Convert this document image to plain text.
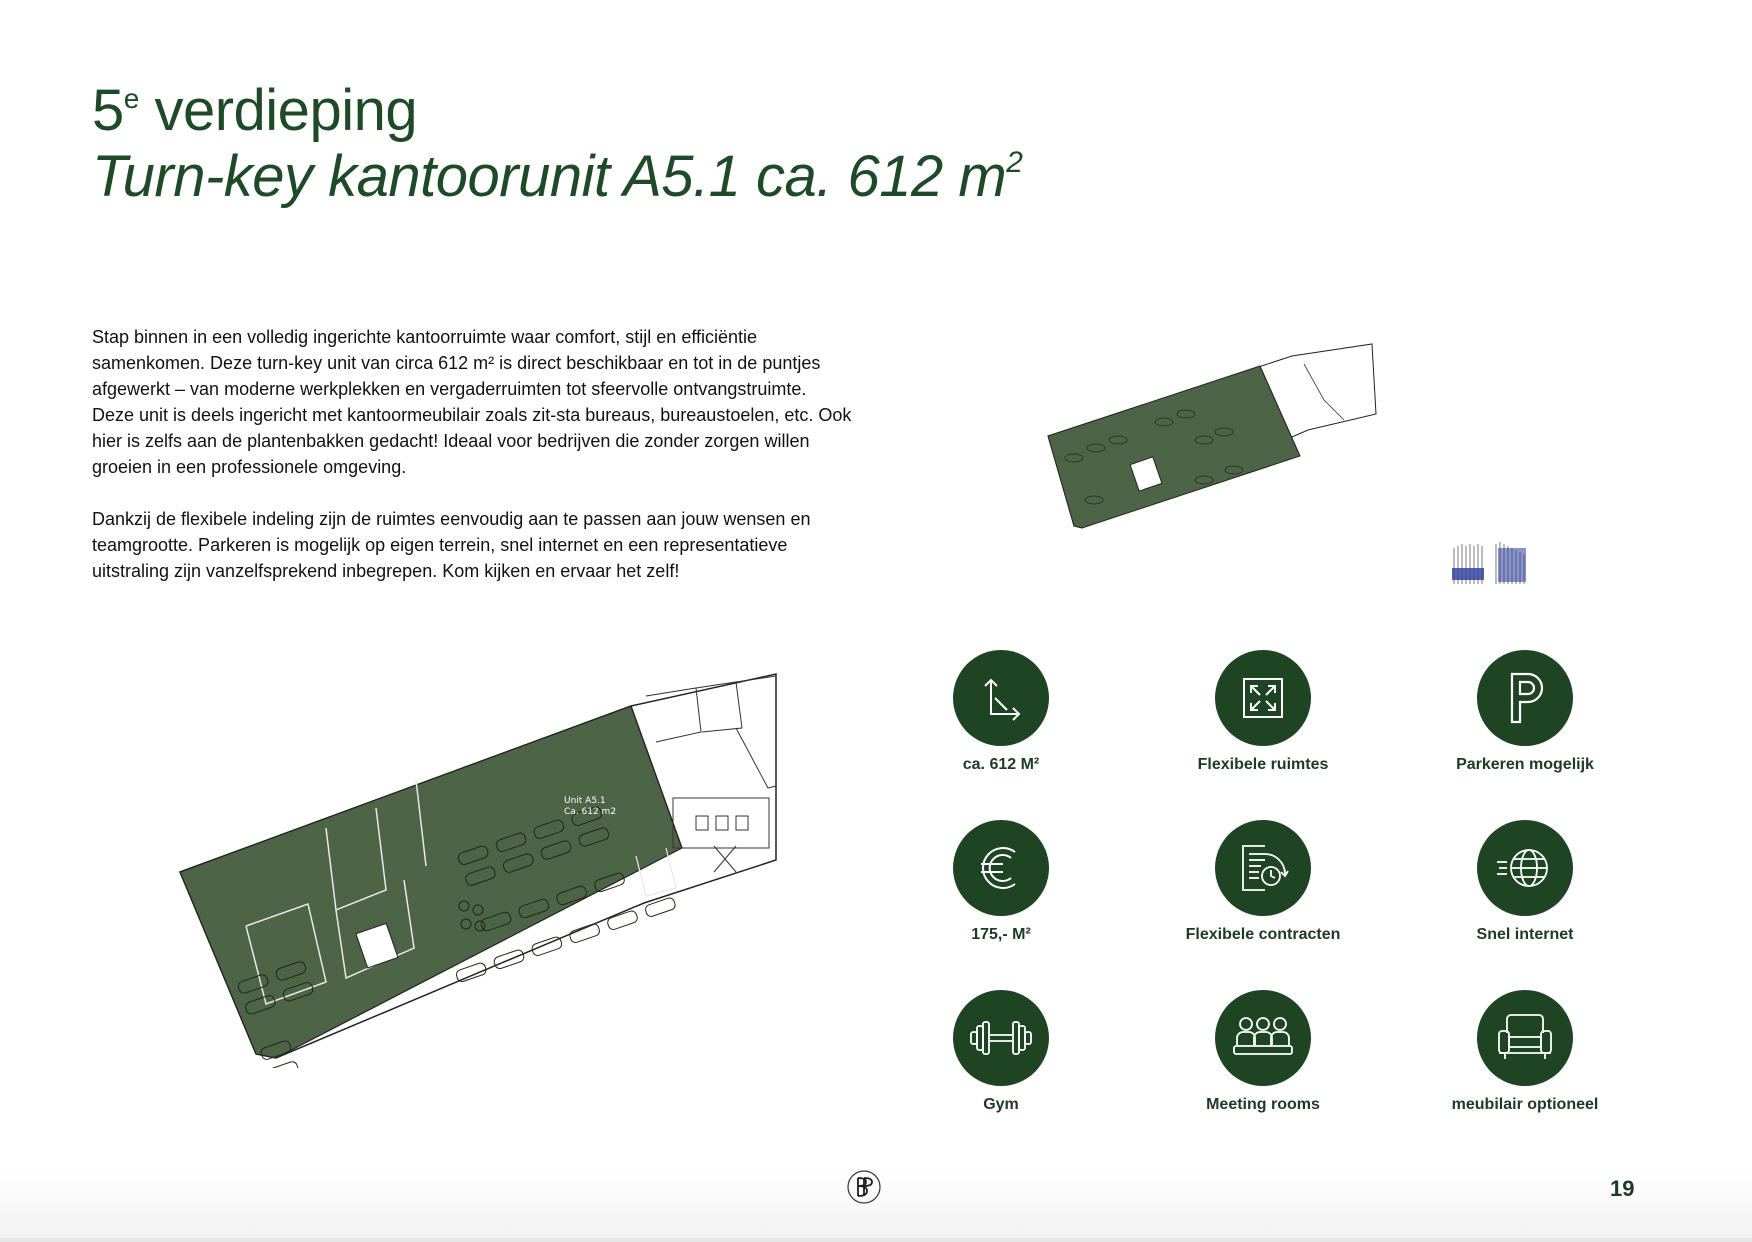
5e verdieping
Turn-key kantoorunit A5.1 ca. 612 $m^2$

Stap binnen in een volledig ingerichte kantoorruimte waar comfort, stijl en efficiëntie samenkomen. Deze turn-key unit van circa 612 m² is direct beschikbaar en tot in de puntjes afgewerkt – van moderne werkplekken en vergaderruimten tot sfeervolle ontvangstruimte. Deze unit is deels ingericht met kantoormeubilair zoals zit-sta bureaus, bureaustoelen, etc. Ook hier is zelfs aan de plantenbakken gedacht! Ideaal voor bedrijven die zonder zorgen willen groeien in een professionele omgeving.

Dankzij de flexibele indeling zijn de ruimtes eenvoudig aan te passen aan jouw wensen en teamgrootte. Parkeren is mogelijk op eigen terrein, snel internet en een representatieve uitstraling zijn vanzelfsprekend inbegrepen. Kom kijken en ervaar het zelf!

Unit A5.1
Ca. 612 m2
ca. 612 M²	Flexibele ruimtes	Parkeren mogelijk
175,- M²	Flexibele contracten	Snel internet
Gym	Meeting rooms	meubilair optioneel
19
